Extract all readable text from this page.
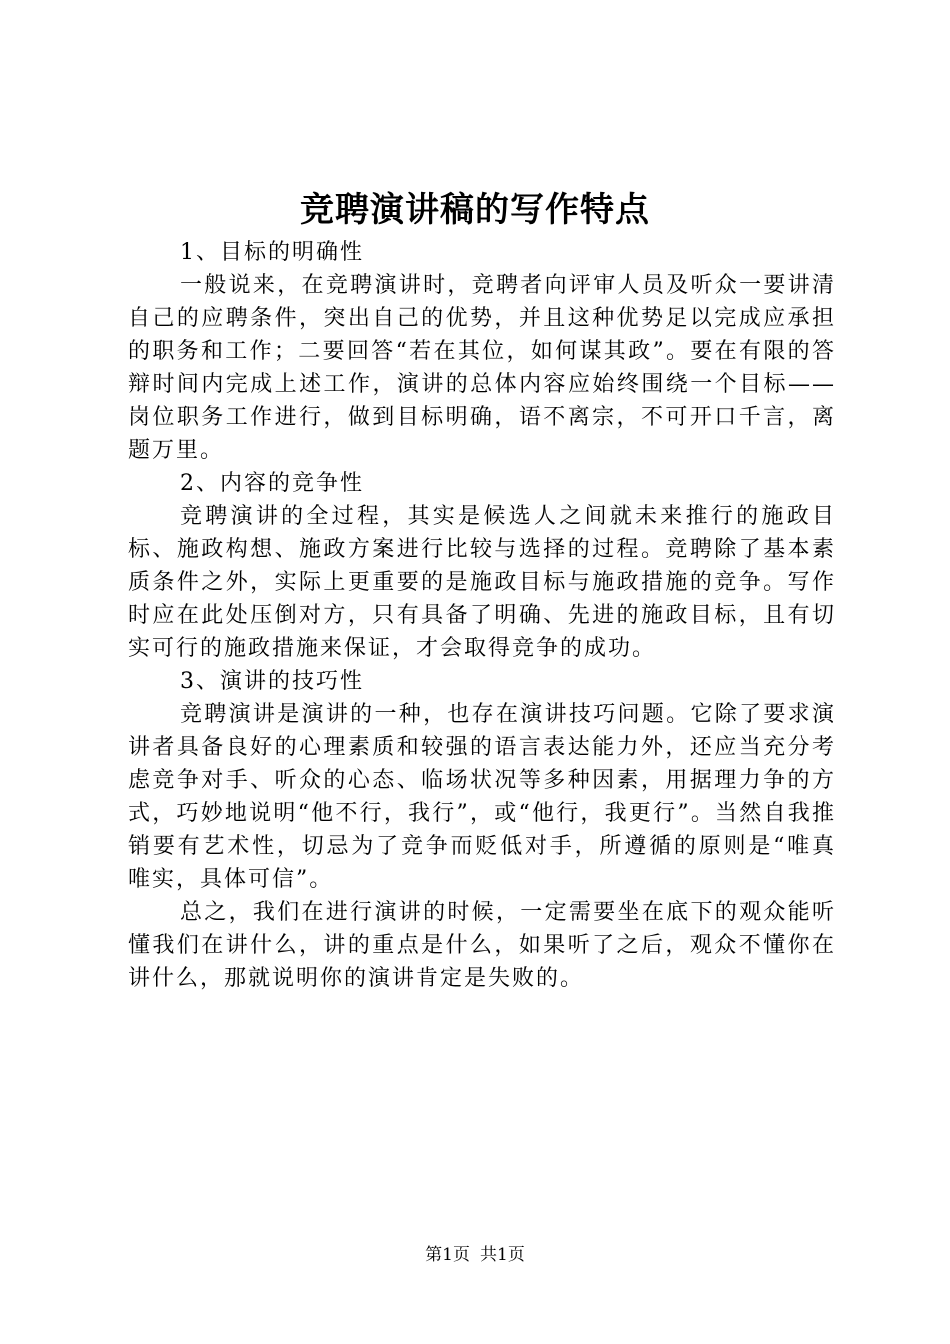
竞聘演讲稿的写作特点

1、目标的明确性

一般说来，在竞聘演讲时，竞聘者向评审人员及听众一要讲清自己的应聘条件，突出自己的优势，并且这种优势足以完成应承担的职务和工作；二要回答“若在其位，如何谋其政”。要在有限的答辩时间内完成上述工作，演讲的总体内容应始终围绕一个目标——岗位职务工作进行，做到目标明确，语不离宗，不可开口千言，离题万里。

2、内容的竞争性

竞聘演讲的全过程，其实是候选人之间就未来推行的施政目标、施政构想、施政方案进行比较与选择的过程。竞聘除了基本素质条件之外，实际上更重要的是施政目标与施政措施的竞争。写作时应在此处压倒对方，只有具备了明确、先进的施政目标，且有切实可行的施政措施来保证，才会取得竞争的成功。

3、演讲的技巧性

竞聘演讲是演讲的一种，也存在演讲技巧问题。它除了要求演讲者具备良好的心理素质和较强的语言表达能力外，还应当充分考虑竞争对手、听众的心态、临场状况等多种因素，用据理力争的方式，巧妙地说明“他不行，我行”，或“他行，我更行”。当然自我推销要有艺术性，切忌为了竞争而贬低对手，所遵循的原则是“唯真唯实，具体可信”。

总之，我们在进行演讲的时候，一定需要坐在底下的观众能听懂我们在讲什么，讲的重点是什么，如果听了之后，观众不懂你在讲什么，那就说明你的演讲肯定是失败的。

第1页 共1页
